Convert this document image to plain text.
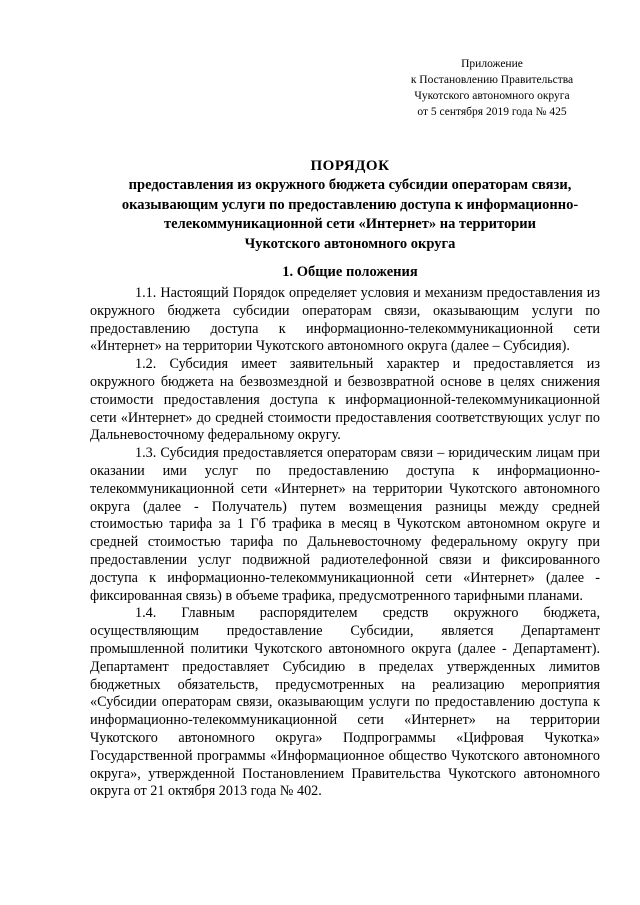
Приложение
к Постановлению Правительства
Чукотского автономного округа
от 5 сентября 2019 года № 425
ПОРЯДОК
предоставления из окружного бюджета субсидии операторам связи,
оказывающим услуги по предоставлению доступа к информационно-
телекоммуникационной сети «Интернет» на территории
Чукотского автономного округа
1. Общие положения

1.1. Настоящий Порядок определяет условия и механизм предоставления из окружного бюджета субсидии операторам связи, оказывающим услуги по предоставлению доступа к информационно-телекоммуникационной сети «Интернет» на территории Чукотского автономного округа (далее – Субсидия).

1.2. Субсидия имеет заявительный характер и предоставляется из окружного бюджета на безвозмездной и безвозвратной основе в целях снижения стоимости предоставления доступа к информационной-телекоммуникационной сети «Интернет» до средней стоимости предоставления соответствующих услуг по Дальневосточному федеральному округу.

1.3. Субсидия предоставляется операторам связи – юридическим лицам при оказании ими услуг по предоставлению доступа к информационно-телекоммуникационной сети «Интернет» на территории Чукотского автономного округа (далее - Получатель) путем возмещения разницы между средней стоимостью тарифа за 1 Гб трафика в месяц в Чукотском автономном округе и средней стоимостью тарифа по Дальневосточному федеральному округу при предоставлении услуг подвижной радиотелефонной связи и фиксированного доступа к информационно-телекоммуникационной сети «Интернет» (далее - фиксированная связь) в объеме трафика, предусмотренного тарифными планами.

1.4. Главным распорядителем средств окружного бюджета, осуществляющим предоставление Субсидии, является Департамент промышленной политики Чукотского автономного округа (далее - Департамент). Департамент предоставляет Субсидию в пределах утвержденных лимитов бюджетных обязательств, предусмотренных на реализацию мероприятия «Субсидии операторам связи, оказывающим услуги по предоставлению доступа к информационно-телекоммуникационной сети «Интернет» на территории Чукотского автономного округа» Подпрограммы «Цифровая Чукотка» Государственной программы «Информационное общество Чукотского автономного округа», утвержденной Постановлением Правительства Чукотского автономного округа от 21 октября 2013 года № 402.
